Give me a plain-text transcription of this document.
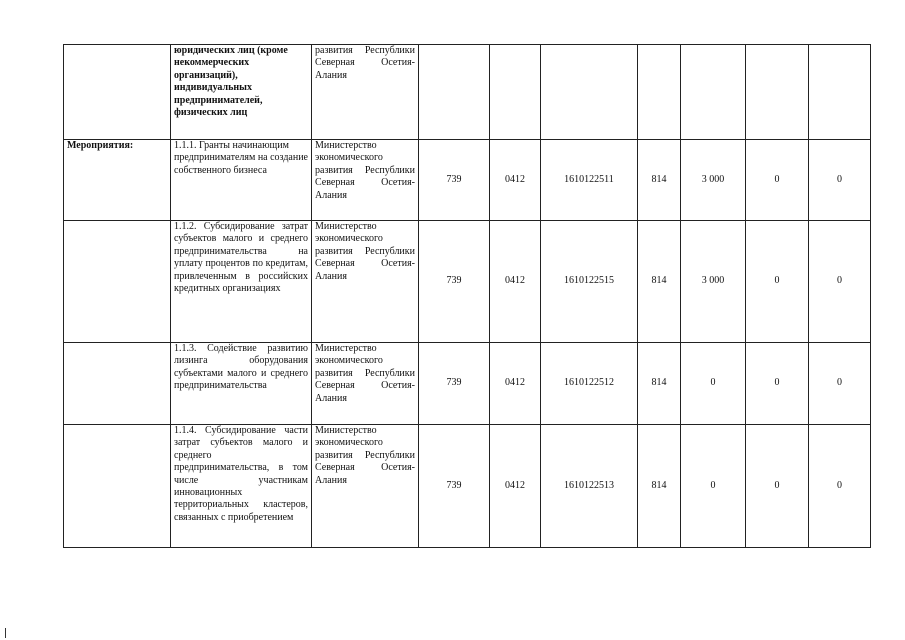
	юридических лиц (кроме некоммерческих организаций), индивидуальных предпринимателей, физических лиц	развития Республики Северная Осетия-Алания							

Мероприятия:	1.1.1. Гранты начинающим предпринимателям на создание собственного бизнеса	Министерство экономического развития Республики Северная Осетия-Алания	739	0412	1610122511	814	3 000	0	0

	1.1.2. Субсидирование затрат субъектов малого и среднего предпринимательства на уплату процентов по кредитам, привлеченным в российских кредитных организациях	Министерство экономического развития Республики Северная Осетия-Алания	739	0412	1610122515	814	3 000	0	0

	1.1.3. Содействие развитию лизинга оборудования субъектами малого и среднего предпринимательства	Министерство экономического развития Республики Северная Осетия-Алания	739	0412	1610122512	814	0	0	0

	1.1.4. Субсидирование части затрат субъектов малого и среднего предпринимательства, в том числе участникам инновационных территориальных кластеров, связанных с приобретением	Министерство экономического развития Республики Северная Осетия-Алания	739	0412	1610122513	814	0	0	0
